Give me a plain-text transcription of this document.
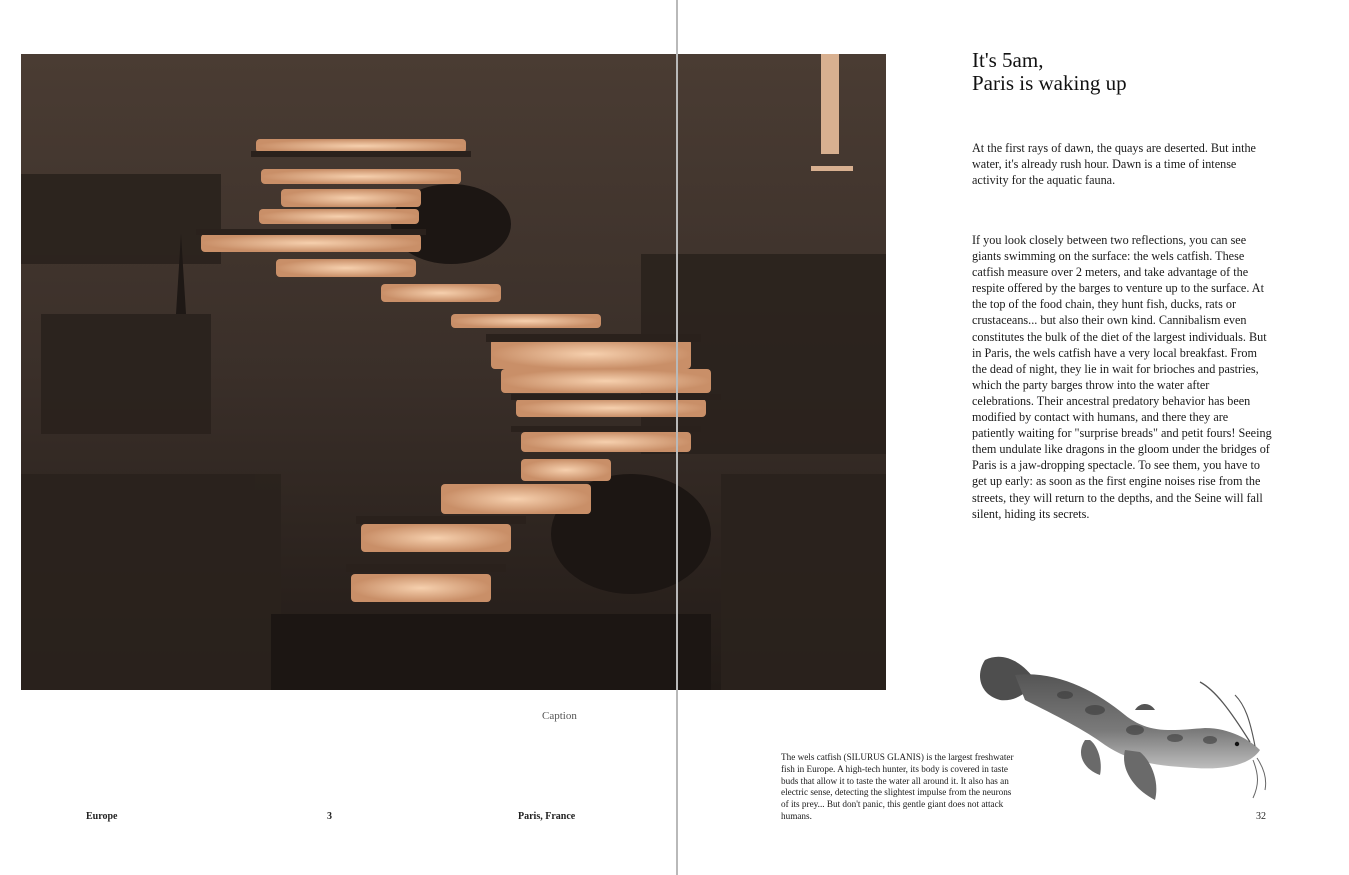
Caption
Europe	3	Paris, France
It's 5am,
Paris is waking up

At the first rays of dawn, the quays are deserted. But inthe water, it's already rush hour. Dawn is a time of intense activity for the aquatic fauna.

If you look closely between two reflections, you can see giants swimming on the surface: the wels catfish. These catfish measure over 2 meters, and take advantage of the respite offered by the barges to venture up to the surface. At the top of the food chain, they hunt fish, ducks, rats or crustaceans... but also their own kind. Cannibalism even constitutes the bulk of the diet of the largest individuals. But in Paris, the wels catfish have a very local breakfast. From the dead of night, they lie in wait for brioches and pastries, which the party barges throw into the water after celebrations. Their ancestral predatory behavior has been modified by contact with humans, and there they are patiently waiting for "surprise breads" and petit fours! Seeing them undulate like dragons in the gloom under the bridges of Paris is a jaw-dropping spectacle. To see them, you have to get up early: as soon as the first engine noises rise from the streets, they will return to the depths, and the Seine will fall silent, hiding its secrets.

The wels catfish (SILURUS GLANIS) is the largest freshwater fish in Europe. A high-tech hunter, its body is covered in taste buds that allow it to taste the water all around it. It also has an electric sense, detecting the slightest impulse from the neurons of its prey... But don't panic, this gentle giant does not attack humans.	32
